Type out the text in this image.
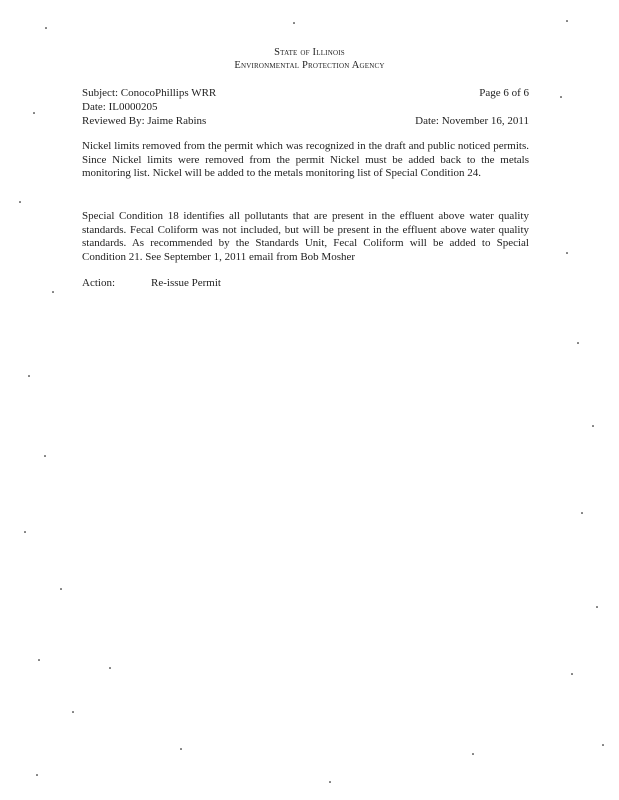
State of Illinois
Environmental Protection Agency
Subject: ConocoPhillips WRR	Page 6 of 6
Date: IL0000205
Reviewed By: Jaime Rabins	Date: November 16, 2011

Nickel limits removed from the permit which was recognized in the draft and public noticed permits. Since Nickel limits were removed from the permit Nickel must be added back to the metals monitoring list. Nickel will be added to the metals monitoring list of Special Condition 24.

Special Condition 18 identifies all pollutants that are present in the effluent above water quality standards. Fecal Coliform was not included, but will be present in the effluent above water quality standards. As recommended by the Standards Unit, Fecal Coliform will be added to Special Condition 21. See September 1, 2011 email from Bob Mosher

Action:	Re-issue Permit
